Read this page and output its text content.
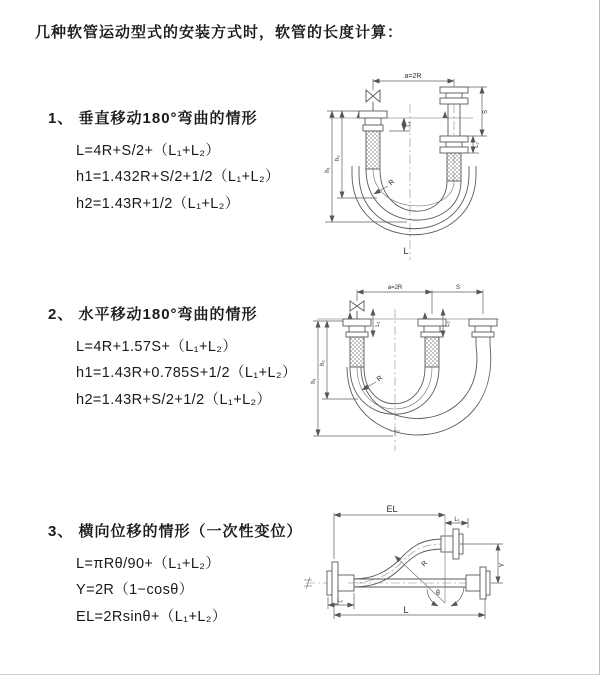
几种软管运动型式的安装方式时，软管的长度计算：
1、 垂直移动180°弯曲的情形
L=4R+S/2+（L₁+L₂）
h1=1.432R+S/2+1/2（L₁+L₂）
h2=1.43R+1/2（L₁+L₂）
2、 水平移动180°弯曲的情形
L=4R+1.57S+（L₁+L₂）
h1=1.43R+0.785S+1/2（L₁+L₂）
h2=1.43R+S/2+1/2（L₁+L₂）
3、 横向位移的情形（一次性变位）
L=πRθ/90+（L₁+L₂）
Y=2R（1−cosθ）
EL=2Rsinθ+（L₁+L₂）
a=2R
h₂
h₁
L₁
S
L₂
R
L
a=2R	S
h₂
h₁
L₁	L₂
R
θ
R
EL
L₁
Y
L
L₂
